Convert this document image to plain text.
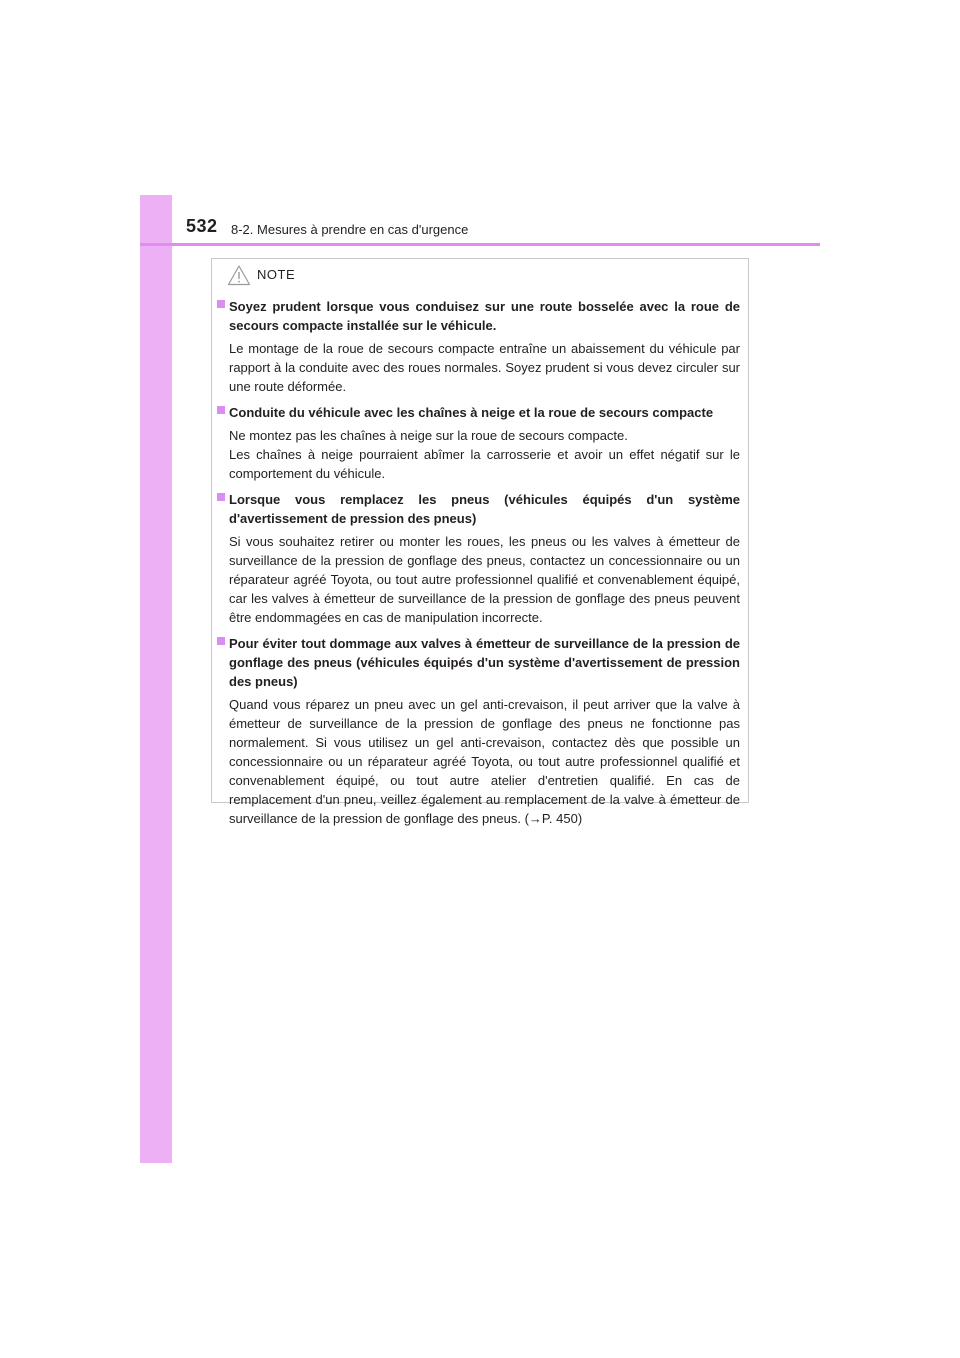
532 8-2. Mesures à prendre en cas d'urgence
NOTE

Soyez prudent lorsque vous conduisez sur une route bosselée avec la roue de secours compacte installée sur le véhicule.

Le montage de la roue de secours compacte entraîne un abaissement du véhicule par rapport à la conduite avec des roues normales. Soyez prudent si vous devez circuler sur une route déformée.

Conduite du véhicule avec les chaînes à neige et la roue de secours compacte

Ne montez pas les chaînes à neige sur la roue de secours compacte.

Les chaînes à neige pourraient abîmer la carrosserie et avoir un effet négatif sur le comportement du véhicule.

Lorsque vous remplacez les pneus (véhicules équipés d'un système d'avertissement de pression des pneus)

Si vous souhaitez retirer ou monter les roues, les pneus ou les valves à émetteur de surveillance de la pression de gonflage des pneus, contactez un concessionnaire ou un réparateur agréé Toyota, ou tout autre professionnel qualifié et convenablement équipé, car les valves à émetteur de surveillance de la pression de gonflage des pneus peuvent être endommagées en cas de manipulation incorrecte.

Pour éviter tout dommage aux valves à émetteur de surveillance de la pression de gonflage des pneus (véhicules équipés d'un système d'avertissement de pression des pneus)

Quand vous réparez un pneu avec un gel anti-crevaison, il peut arriver que la valve à émetteur de surveillance de la pression de gonflage des pneus ne fonctionne pas normalement. Si vous utilisez un gel anti-crevaison, contactez dès que possible un concessionnaire ou un réparateur agréé Toyota, ou tout autre professionnel qualifié et convenablement équipé, ou tout autre atelier d'entretien qualifié. En cas de remplacement d'un pneu, veillez également au remplacement de la valve à émetteur de surveillance de la pression de gonflage des pneus. (→P. 450)
